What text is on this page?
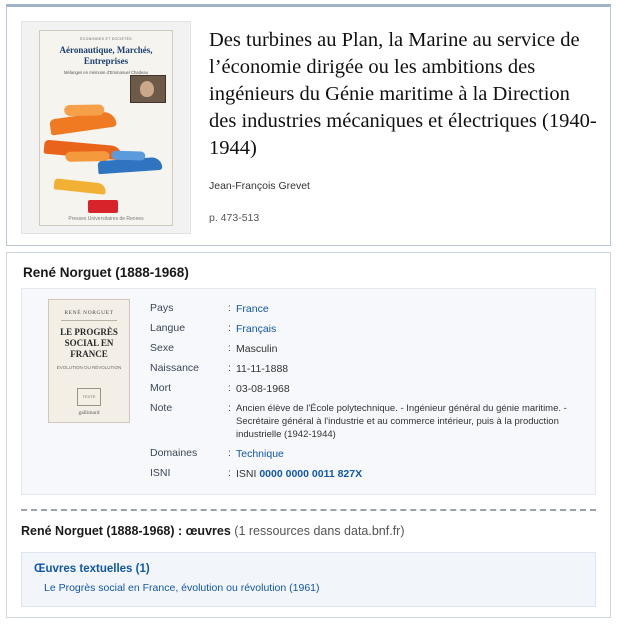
ÉCONOMIES ET SOCIÉTÉS
Aéronautique, Marchés, Entreprises
Mélanges en mémoire d'Emmanuel Chadeau
Presses Universitaires de Rennes
Des turbines au Plan, la Marine au service de l’économie dirigée ou les ambitions des ingénieurs du Génie maritime à la Direction des industries mécaniques et électriques (1940-1944)
Jean-François Grevet
p. 473-513
René Norguet (1888-1968)
RENÉ NORGUET
LE PROGRÈS SOCIAL EN FRANCE
ÉVOLUTION OU RÉVOLUTION
TEXTE
gallimard
Pays	: France
Langue	: Français
Sexe	: Masculin
Naissance	: 11-11-1888
Mort	: 03-08-1968
Note	: Ancien élève de l'École polytechnique. - Ingénieur général du génie maritime. - Secrétaire général à l'industrie et au commerce intérieur, puis à la production industrielle (1942-1944)
Domaines	: Technique
ISNI	: ISNI 0000 0000 0011 827X
René Norguet (1888-1968) : œuvres (1 ressources dans data.bnf.fr)
Œuvres textuelles (1)
Le Progrès social en France, évolution ou révolution (1961)
